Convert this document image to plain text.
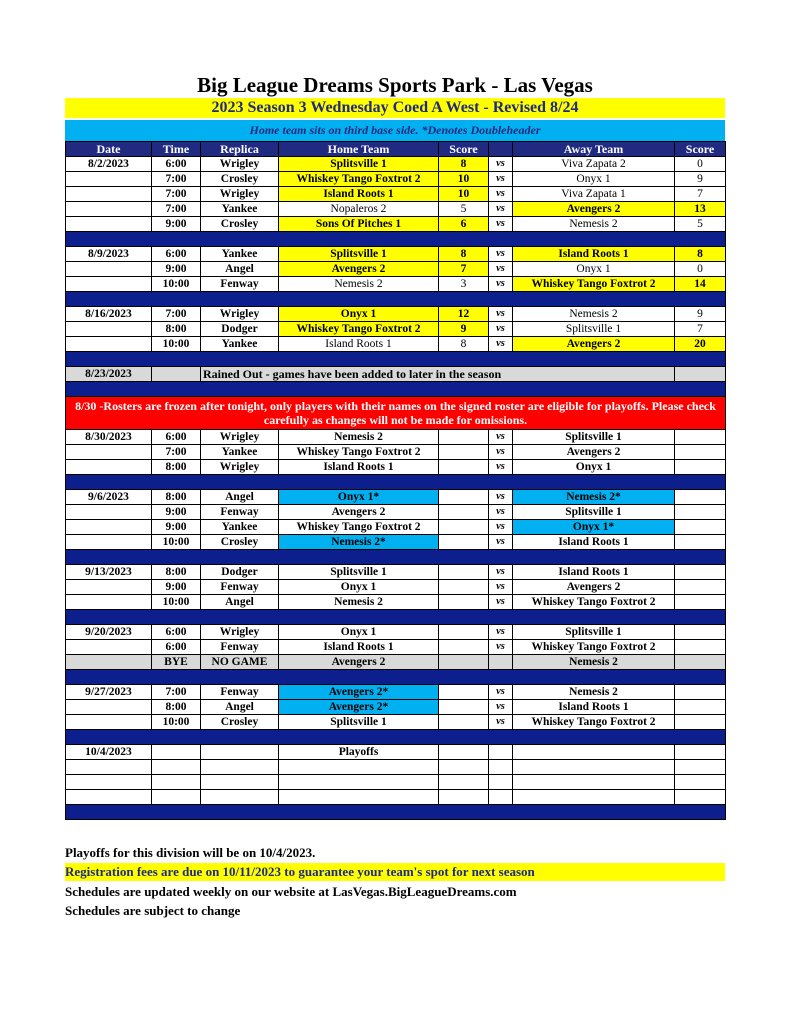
Big League Dreams Sports Park - Las Vegas
2023 Season 3 Wednesday Coed A West - Revised 8/24
Home team sits on third base side. *Denotes Doubleheader
Date	Time	Replica	Home Team	Score		Away Team	Score
8/2/2023	6:00	Wrigley	Splitsville 1	8	vs	Viva Zapata 2	0
	7:00	Crosley	Whiskey Tango Foxtrot 2	10	vs	Onyx 1	9
	7:00	Wrigley	Island Roots 1	10	vs	Viva Zapata 1	7
	7:00	Yankee	Nopaleros 2	5	vs	Avengers 2	13
	9:00	Crosley	Sons Of Pitches 1	6	vs	Nemesis 2	5

8/9/2023	6:00	Yankee	Splitsville 1	8	vs	Island Roots 1	8
	9:00	Angel	Avengers 2	7	vs	Onyx 1	0
	10:00	Fenway	Nemesis 2	3	vs	Whiskey Tango Foxtrot 2	14

8/16/2023	7:00	Wrigley	Onyx 1	12	vs	Nemesis 2	9
	8:00	Dodger	Whiskey Tango Foxtrot 2	9	vs	Splitsville 1	7
	10:00	Yankee	Island Roots 1	8	vs	Avengers 2	20

8/23/2023		Rained Out - games have been added to later in the season					

8/30 -Rosters are frozen after tonight, only players with their names on the signed roster are eligible for playoffs. Please check carefully as changes will not be made for omissions.							
8/30/2023	6:00	Wrigley	Nemesis 2		vs	Splitsville 1	
	7:00	Yankee	Whiskey Tango Foxtrot 2		vs	Avengers 2	
	8:00	Wrigley	Island Roots 1		vs	Onyx 1	

9/6/2023	8:00	Angel	Onyx 1*		vs	Nemesis 2*	
	9:00	Fenway	Avengers 2		vs	Splitsville 1	
	9:00	Yankee	Whiskey Tango Foxtrot 2		vs	Onyx 1*	
	10:00	Crosley	Nemesis 2*		vs	Island Roots 1	

9/13/2023	8:00	Dodger	Splitsville 1		vs	Island Roots 1	
	9:00	Fenway	Onyx 1		vs	Avengers 2	
	10:00	Angel	Nemesis 2		vs	Whiskey Tango Foxtrot 2	

9/20/2023	6:00	Wrigley	Onyx 1		vs	Splitsville 1	
	6:00	Fenway	Island Roots 1		vs	Whiskey Tango Foxtrot 2	
	BYE	NO GAME	Avengers 2			Nemesis 2	

9/27/2023	7:00	Fenway	Avengers 2*		vs	Nemesis 2	
	8:00	Angel	Avengers 2*		vs	Island Roots 1	
	10:00	Crosley	Splitsville 1		vs	Whiskey Tango Foxtrot 2	

10/4/2023			Playoffs				

Playoffs for this division will be on 10/4/2023.
Registration fees are due on 10/11/2023 to guarantee your team's spot for next season
Schedules are updated weekly on our website at LasVegas.BigLeagueDreams.com
Schedules are subject to change
